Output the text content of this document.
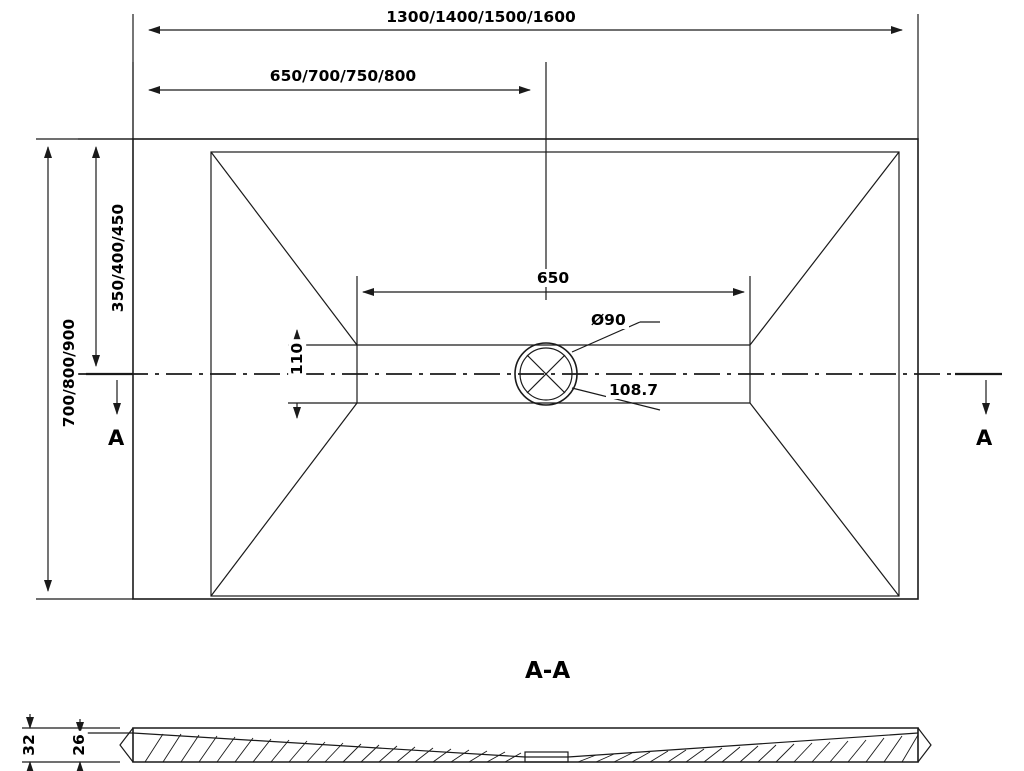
1300/1400/1500/1600
650/700/750/800
650
700/800/900
350/400/450
110
Ø90
108.7
A	A
A-A
32 26
